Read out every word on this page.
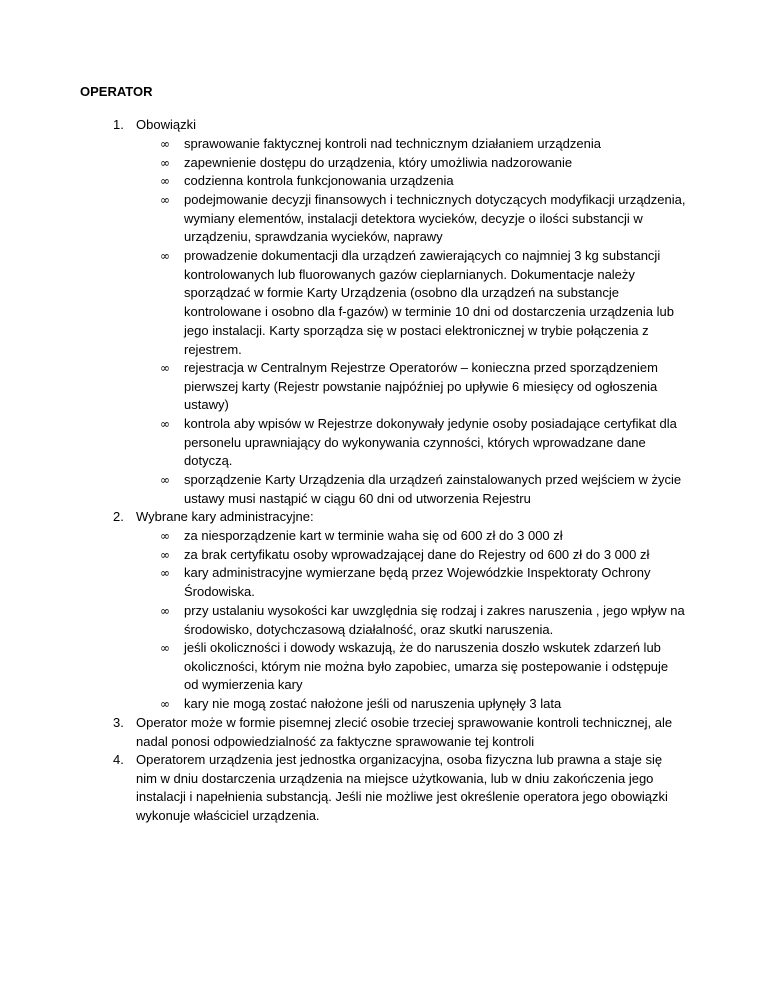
OPERATOR

1. Obowiązki
∞ sprawowanie faktycznej kontroli nad technicznym działaniem urządzenia
∞ zapewnienie dostępu do urządzenia, który umożliwia nadzorowanie
∞ codzienna kontrola funkcjonowania urządzenia
∞ podejmowanie decyzji finansowych i technicznych dotyczących modyfikacji urządzenia, wymiany elementów, instalacji detektora wycieków, decyzje o ilości substancji w urządzeniu, sprawdzania wycieków, naprawy
∞ prowadzenie dokumentacji dla urządzeń zawierających co najmniej 3 kg substancji kontrolowanych lub fluorowanych gazów cieplarnianych. Dokumentacje należy sporządzać w formie Karty Urządzenia (osobno dla urządzeń na substancje kontrolowane i osobno dla f-gazów) w terminie 10 dni od dostarczenia urządzenia lub jego instalacji. Karty sporządza się w postaci elektronicznej w trybie połączenia z rejestrem.
∞ rejestracja w Centralnym Rejestrze Operatorów – konieczna przed sporządzeniem pierwszej karty (Rejestr powstanie najpóźniej po upływie 6 miesięcy od ogłoszenia ustawy)
∞ kontrola aby wpisów w Rejestrze dokonywały jedynie osoby posiadające certyfikat dla personelu uprawniający do wykonywania czynności, których wprowadzane dane dotyczą.
∞ sporządzenie Karty Urządzenia dla urządzeń zainstalowanych przed wejściem w życie ustawy musi nastąpić w ciągu 60 dni od utworzenia Rejestru
2. Wybrane kary administracyjne:
∞ za niesporządzenie kart w terminie waha się od 600 zł do 3 000 zł
∞ za brak certyfikatu osoby wprowadzającej dane do Rejestry od 600 zł do 3 000 zł
∞ kary administracyjne wymierzane będą przez Wojewódzkie Inspektoraty Ochrony Środowiska.
∞ przy ustalaniu wysokości kar uwzględnia się rodzaj i zakres naruszenia , jego wpływ na środowisko, dotychczasową działalność, oraz skutki naruszenia.
∞ jeśli okoliczności i dowody wskazują, że do naruszenia doszło wskutek zdarzeń lub okoliczności, którym nie można było zapobiec, umarza się postepowanie i odstępuje od wymierzenia kary
∞ kary nie mogą zostać nałożone jeśli od naruszenia upłynęły 3 lata
3. Operator może w formie pisemnej zlecić osobie trzeciej sprawowanie kontroli technicznej, ale nadal ponosi odpowiedzialność za faktyczne sprawowanie tej kontroli
4. Operatorem urządzenia jest jednostka organizacyjna, osoba fizyczna lub prawna a staje się nim w dniu dostarczenia urządzenia na miejsce użytkowania, lub w dniu zakończenia jego instalacji i napełnienia substancją. Jeśli nie możliwe jest określenie operatora jego obowiązki wykonuje właściciel urządzenia.
